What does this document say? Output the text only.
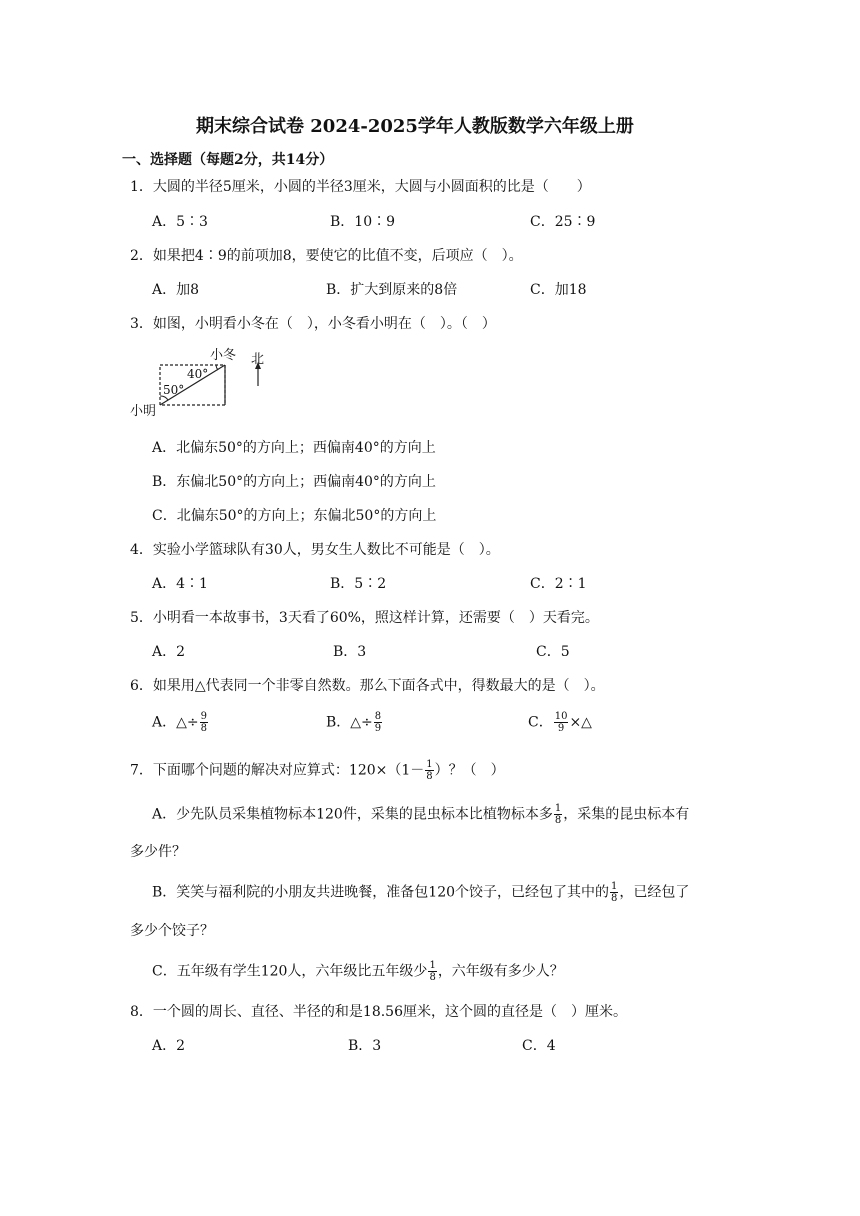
期末综合试卷 2024-2025学年人教版数学六年级上册
一、选择题（每题2分，共14分）
1．大圆的半径5厘米，小圆的半径3厘米，大圆与小圆面积的比是（　　）
A．5∶3	B．10∶9	C．25∶9
2．如果把4∶9的前项加8，要使它的比值不变，后项应（　）。
A．加8	B．扩大到原来的8倍	C．加18
3．如图，小明看小冬在（　），小冬看小明在（　）。（　）
小冬 北
40°
50°
小明
A．北偏东50°的方向上；西偏南40°的方向上
B．东偏北50°的方向上；西偏南40°的方向上
C．北偏东50°的方向上；东偏北50°的方向上
4．实验小学篮球队有30人，男女生人数比不可能是（　）。
A．4∶1	B．5∶2	C．2∶1
5．小明看一本故事书，3天看了60%，照这样计算，还需要（　）天看完。
A．2	B．3	C．5
6．如果用△代表同一个非零自然数。那么下面各式中，得数最大的是（　）。
A．△÷ $\frac{9}{8}$	B．△÷ $\frac{8}{9}$	C． $\frac{10}{9}$ ×△
7．下面哪个问题的解决对应算式：$120\times(1- \frac{1}{8}$ ）？（　）
A．少先队员采集植物标本120件，采集的昆虫标本比植物标本多 $\frac{1}{8}$ ，采集的昆虫标本有
多少件？
B．笑笑与福利院的小朋友共进晚餐，准备包120个饺子，已经包了其中的 $\frac{1}{8}$ ，已经包了
多少个饺子？
C．五年级有学生120人，六年级比五年级少 $\frac{1}{8}$ ，六年级有多少人？
8．一个圆的周长、直径、半径的和是18.56厘米，这个圆的直径是（　）厘米。
A．2	B．3	C．4
